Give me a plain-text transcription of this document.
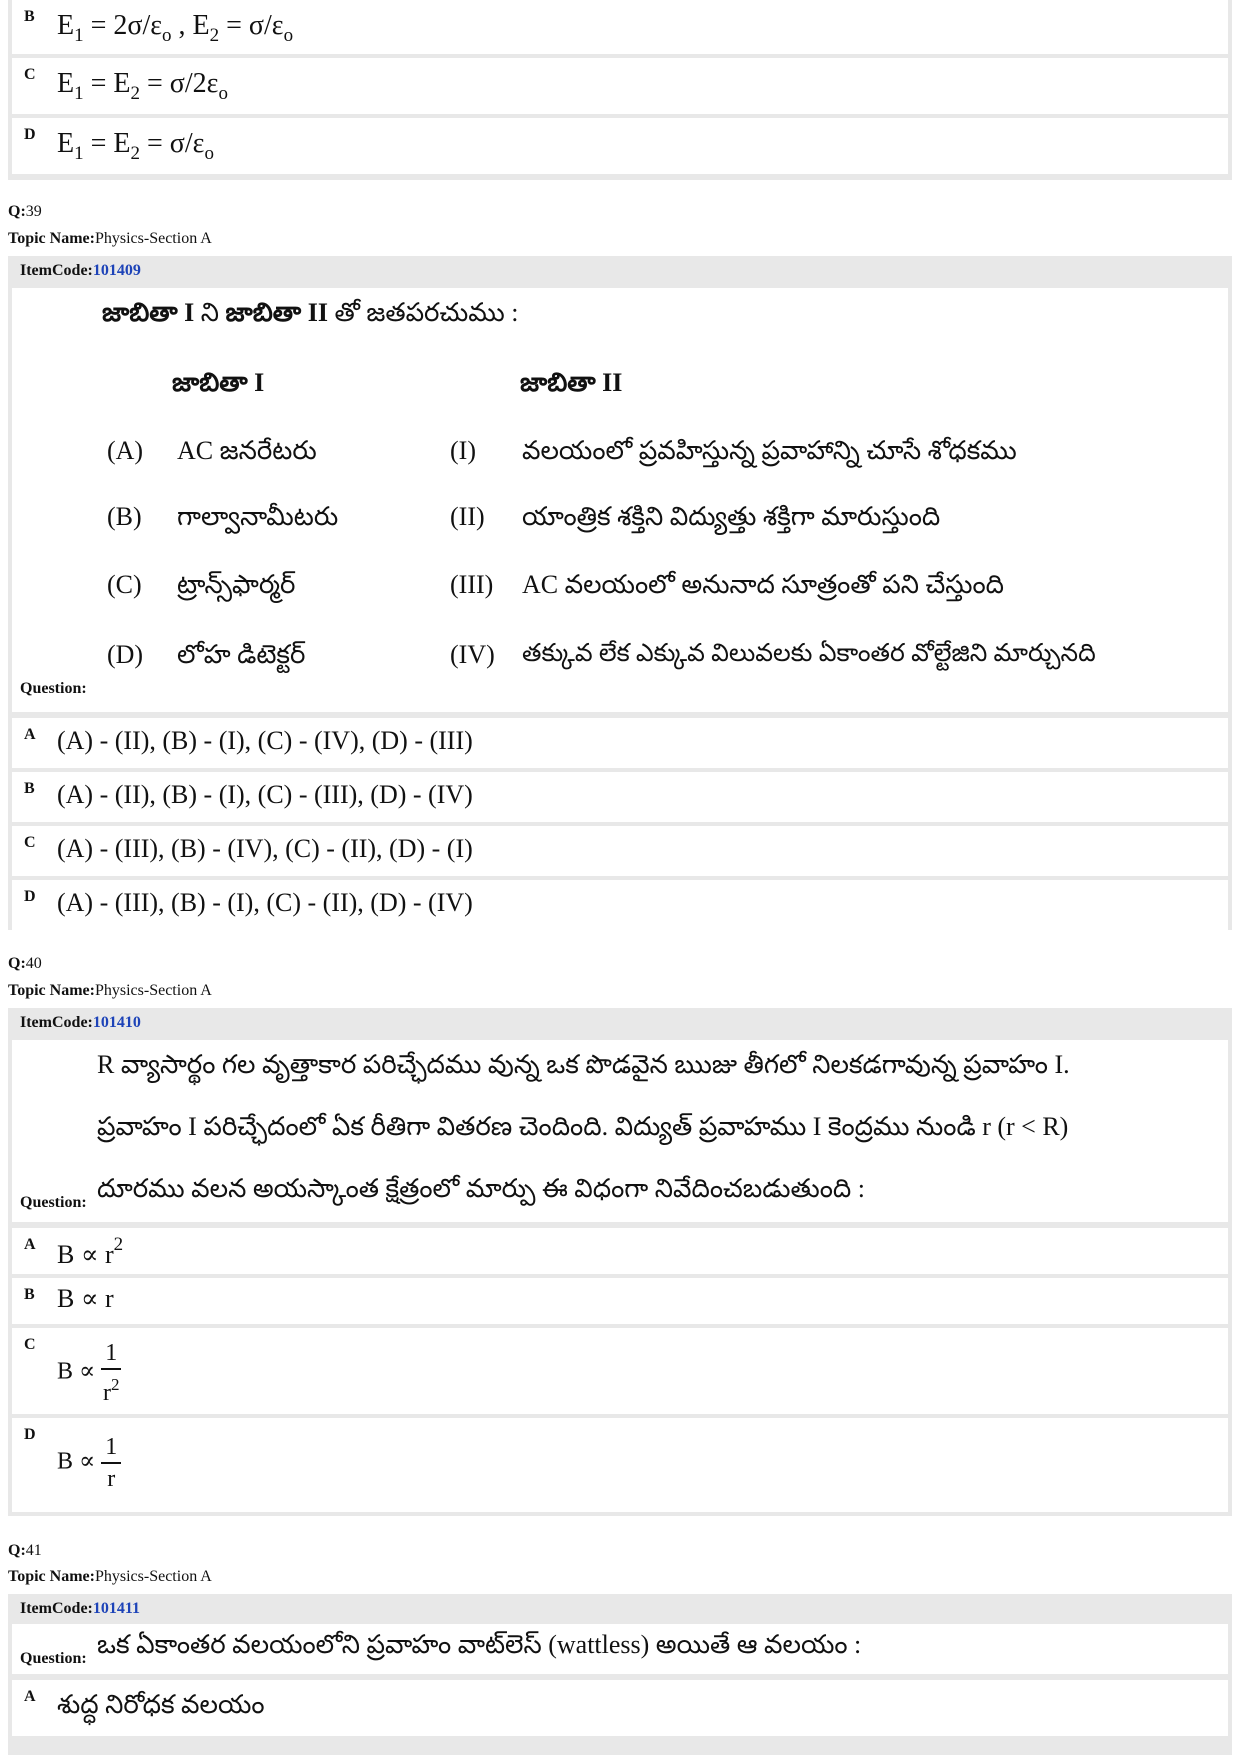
B $E_1 = 2\sigma/\varepsilon_o$ , $E_2 = \sigma/\varepsilon_o$
C $E_1 = E_2 = \sigma/2\varepsilon_o$
D $E_1 = E_2 = \sigma/\varepsilon_o$
Q:39
Topic Name:Physics-Section A
ItemCode:101409
జాబితా I ని జాబితా II తో జతపరచుము :
జాబితా I	జాబితా II
(A) AC జనరేటరు	(I) వలయంలో ప్రవహిస్తున్న ప్రవాహాన్ని చూసే శోధకము
(B) గాల్వానామీటరు	(II) యాంత్రిక శక్తిని విద్యుత్తు శక్తిగా మారుస్తుంది
(C) ట్రాన్స్‌ఫార్మర్	(III) AC వలయంలో అనునాద సూత్రంతో పని చేస్తుంది
(D) లోహ డిటెక్టర్	(IV) తక్కువ లేక ఎక్కువ విలువలకు ఏకాంతర వోల్టేజిని మార్చునది
Question:
A (A) - (II), (B) - (I), (C) - (IV), (D) - (III)
B (A) - (II), (B) - (I), (C) - (III), (D) - (IV)
C (A) - (III), (B) - (IV), (C) - (II), (D) - (I)
D (A) - (III), (B) - (I), (C) - (II), (D) - (IV)
Q:40
Topic Name:Physics-Section A
ItemCode:101410
R వ్యాసార్థం గల వృత్తాకార పరిచ్ఛేదము వున్న ఒక పొడవైన ఋజు తీగలో నిలకడగావున్న ప్రవాహం I.
ప్రవాహం I పరిచ్ఛేదంలో ఏక రీతిగా వితరణ చెందింది. విద్యుత్ ప్రవాహము I కెంద్రము నుండి r (r < R)
దూరము వలన అయస్కాంత క్షేత్రంలో మార్పు ఈ విధంగా నివేదించబడుతుంది :
Question:
A $B \propto r^2$
B B ∝ r
C
$B \propto \frac{1}{r^2}$
D
$B \propto \frac{1}{r}$
Q:41
Topic Name:Physics-Section A
ItemCode:101411
ఒక ఏకాంతర వలయంలోని ప్రవాహం వాట్‌లెస్ (wattless) అయితే ఆ వలయం :
Question:
A శుద్ధ నిరోధక వలయం
